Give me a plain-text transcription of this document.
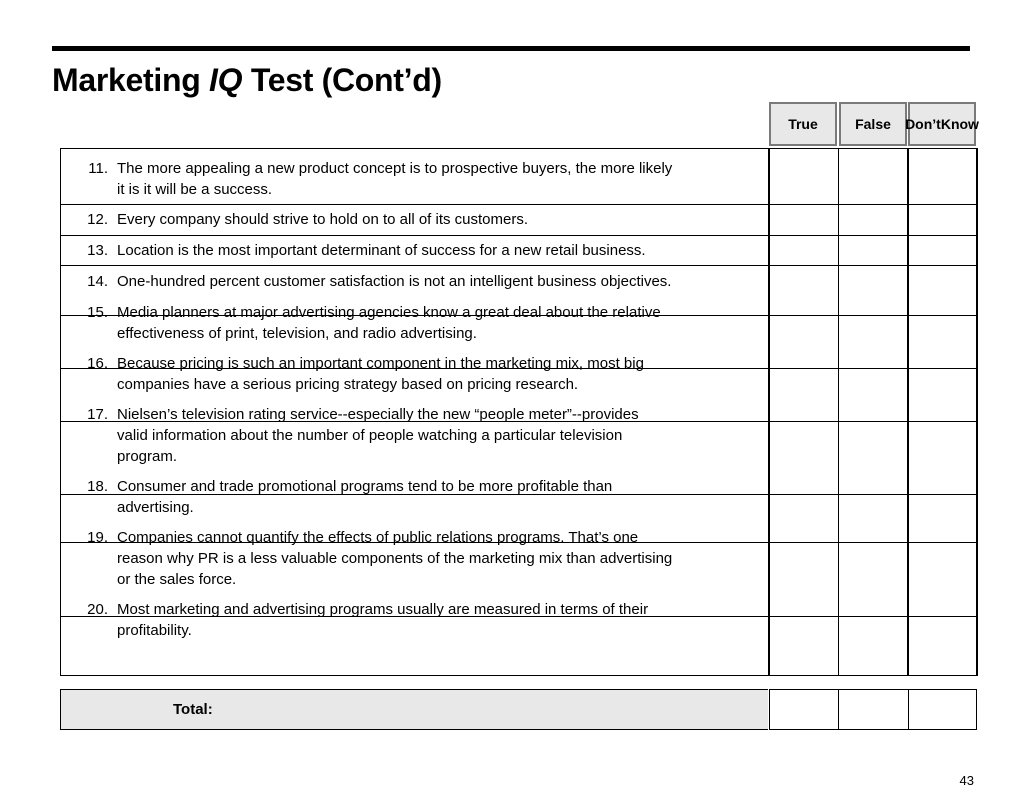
Marketing IQ Test (Cont’d)
True	False Don’t Know
11. The more appealing a new product concept is to prospective buyers, the more likely
it is it will be a success.
12. Every company should strive to hold on to all of its customers.
13. Location is the most important determinant of success for a new retail business.
14. One-hundred percent customer satisfaction is not an intelligent business objectives.
15. Media planners at major advertising agencies know a great deal about the relative
effectiveness of print, television, and radio advertising.
16. Because pricing is such an important component in the marketing mix, most big
companies have a serious pricing strategy based on pricing research.
17. Nielsen’s television rating service--especially the new “people meter”--provides
valid information about the number of people watching a particular television
program.
18. Consumer and trade promotional programs tend to be more profitable than
advertising.
19. Companies cannot quantify the effects of public relations programs. That’s one
reason why PR is a less valuable components of the marketing mix than advertising
or the sales force.
20. Most marketing and advertising programs usually are measured in terms of their
profitability.
Total:
43
